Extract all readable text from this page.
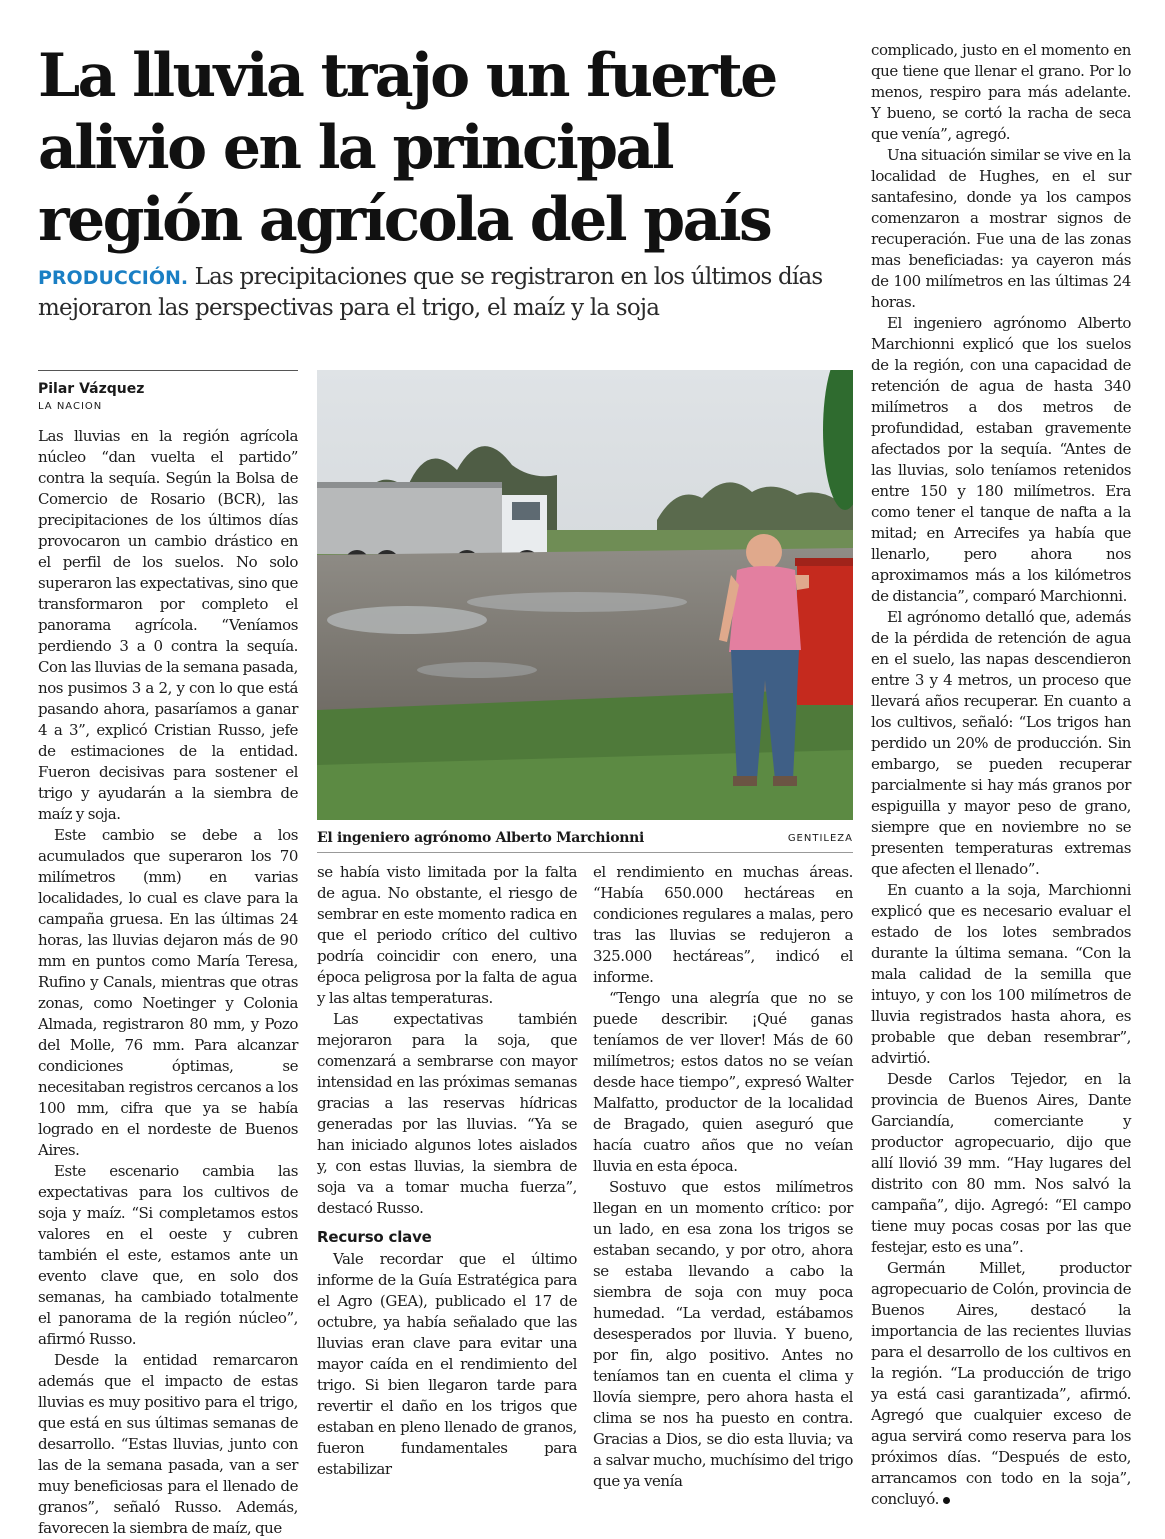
La lluvia trajo un fuerte alivio en la principal región agrícola del país

PRODUCCIÓN. Las precipitaciones que se registraron en los últimos días mejoraron las perspectivas para el trigo, el maíz y la soja

Pilar Vázquez
LA NACION

Las lluvias en la región agrícola núcleo “dan vuelta el partido” contra la sequía. Según la Bolsa de Comercio de Rosario (BCR), las precipitaciones de los últimos días provocaron un cambio drástico en el perfil de los suelos. No solo superaron las expectativas, sino que transformaron por completo el panorama agrícola. “Veníamos perdiendo 3 a 0 contra la sequía. Con las lluvias de la semana pasada, nos pusimos 3 a 2, y con lo que está pasando ahora, pasaríamos a ganar 4 a 3”, explicó Cristian Russo, jefe de estimaciones de la entidad. Fueron decisivas para sostener el trigo y ayudarán a la siembra de maíz y soja.

Este cambio se debe a los acumulados que superaron los 70 milímetros (mm) en varias localidades, lo cual es clave para la campaña gruesa. En las últimas 24 horas, las lluvias dejaron más de 90 mm en puntos como María Teresa, Rufino y Canals, mientras que otras zonas, como Noetinger y Colonia Almada, registraron 80 mm, y Pozo del Molle, 76 mm. Para alcanzar condiciones óptimas, se necesitaban registros cercanos a los 100 mm, cifra que ya se había logrado en el nordeste de Buenos Aires.

Este escenario cambia las expectativas para los cultivos de soja y maíz. “Si completamos estos valores en el oeste y cubren también el este, estamos ante un evento clave que, en solo dos semanas, ha cambiado totalmente el panorama de la región núcleo”, afirmó Russo.

Desde la entidad remarcaron además que el impacto de estas lluvias es muy positivo para el trigo, que está en sus últimas semanas de desarrollo. “Estas lluvias, junto con las de la semana pasada, van a ser muy beneficiosas para el llenado de granos”, señaló Russo. Además, favorecen la siembra de maíz, que

El ingeniero agrónomo Alberto Marchionni	GENTILEZA

se había visto limitada por la falta de agua. No obstante, el riesgo de sembrar en este momento radica en que el periodo crítico del cultivo podría coincidir con enero, una época peligrosa por la falta de agua y las altas temperaturas.

Las expectativas también mejoraron para la soja, que comenzará a sembrarse con mayor intensidad en las próximas semanas gracias a las reservas hídricas generadas por las lluvias. “Ya se han iniciado algunos lotes aislados y, con estas lluvias, la siembra de soja va a tomar mucha fuerza”, destacó Russo.

Recurso clave

Vale recordar que el último informe de la Guía Estratégica para el Agro (GEA), publicado el 17 de octubre, ya había señalado que las lluvias eran clave para evitar una mayor caída en el rendimiento del trigo. Si bien llegaron tarde para revertir el daño en los trigos que estaban en pleno llenado de granos, fueron fundamentales para estabilizar

el rendimiento en muchas áreas. “Había 650.000 hectáreas en condiciones regulares a malas, pero tras las lluvias se redujeron a 325.000 hectáreas”, indicó el informe.

“Tengo una alegría que no se puede describir. ¡Qué ganas teníamos de ver llover! Más de 60 milímetros; estos datos no se veían desde hace tiempo”, expresó Walter Malfatto, productor de la localidad de Bragado, quien aseguró que hacía cuatro años que no veían lluvia en esta época.

Sostuvo que estos milímetros llegan en un momento crítico: por un lado, en esa zona los trigos se estaban secando, y por otro, ahora se estaba llevando a cabo la siembra de soja con muy poca humedad. “La verdad, estábamos desesperados por lluvia. Y bueno, por fin, algo positivo. Antes no teníamos tan en cuenta el clima y llovía siempre, pero ahora hasta el clima se nos ha puesto en contra. Gracias a Dios, se dio esta lluvia; va a salvar mucho, muchísimo del trigo que ya venía

complicado, justo en el momento en que tiene que llenar el grano. Por lo menos, respiro para más adelante. Y bueno, se cortó la racha de seca que venía”, agregó.

Una situación similar se vive en la localidad de Hughes, en el sur santafesino, donde ya los campos comenzaron a mostrar signos de recuperación. Fue una de las zonas mas beneficiadas: ya cayeron más de 100 milímetros en las últimas 24 horas.

El ingeniero agrónomo Alberto Marchionni explicó que los suelos de la región, con una capacidad de retención de agua de hasta 340 milímetros a dos metros de profundidad, estaban gravemente afectados por la sequía. “Antes de las lluvias, solo teníamos retenidos entre 150 y 180 milímetros. Era como tener el tanque de nafta a la mitad; en Arrecifes ya había que llenarlo, pero ahora nos aproximamos más a los kilómetros de distancia”, comparó Marchionni.

El agrónomo detalló que, además de la pérdida de retención de agua en el suelo, las napas descendieron entre 3 y 4 metros, un proceso que llevará años recuperar. En cuanto a los cultivos, señaló: “Los trigos han perdido un 20% de producción. Sin embargo, se pueden recuperar parcialmente si hay más granos por espiguilla y mayor peso de grano, siempre que en noviembre no se presenten temperaturas extremas que afecten el llenado”.

En cuanto a la soja, Marchionni explicó que es necesario evaluar el estado de los lotes sembrados durante la última semana. “Con la mala calidad de la semilla que intuyo, y con los 100 milímetros de lluvia registrados hasta ahora, es probable que deban resembrar”, advirtió.

Desde Carlos Tejedor, en la provincia de Buenos Aires, Dante Garciandía, comerciante y productor agropecuario, dijo que allí llovió 39 mm. “Hay lugares del distrito con 80 mm. Nos salvó la campaña”, dijo. Agregó: “El campo tiene muy pocas cosas por las que festejar, esto es una”.

Germán Millet, productor agropecuario de Colón, provincia de Buenos Aires, destacó la importancia de las recientes lluvias para el desarrollo de los cultivos en la región. “La producción de trigo ya está casi garantizada”, afirmó. Agregó que cualquier exceso de agua servirá como reserva para los próximos días. “Después de esto, arrancamos con todo en la soja”, concluyó.
